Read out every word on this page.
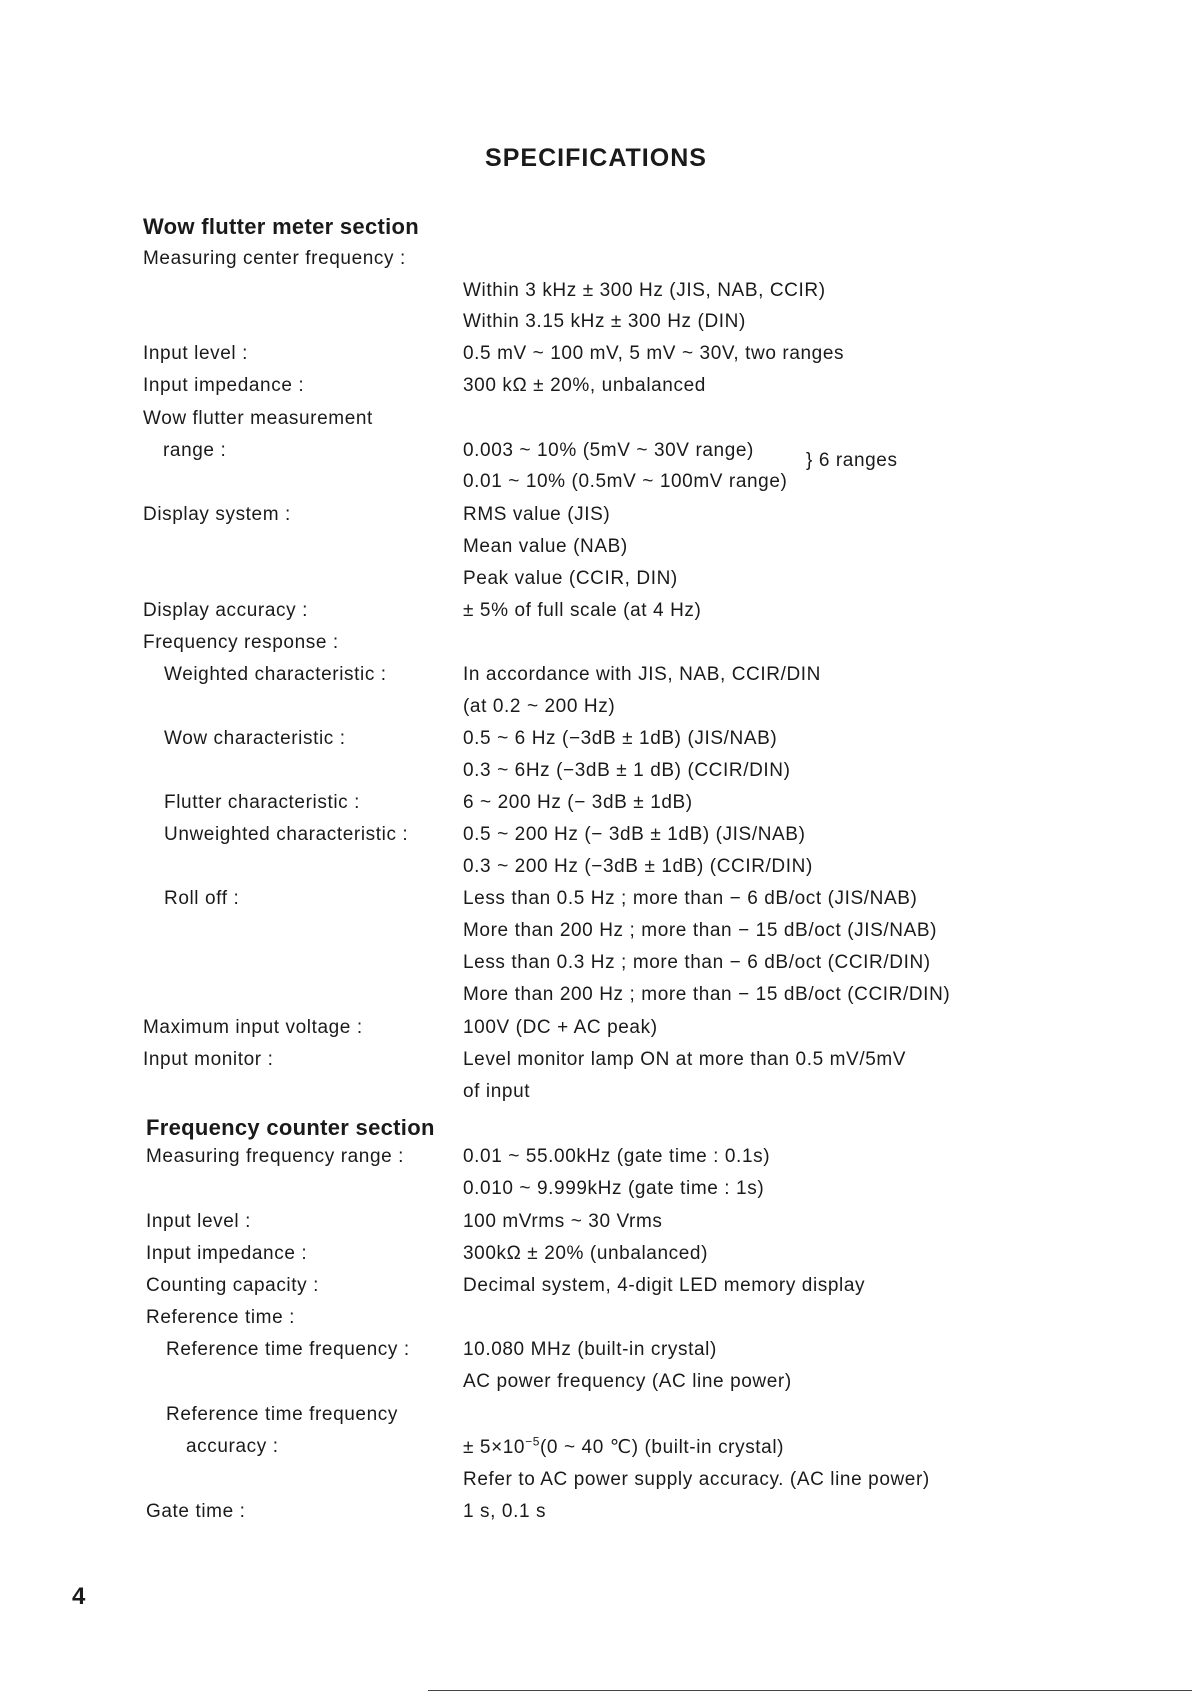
SPECIFICATIONS
Wow flutter meter section
Measuring center frequency :
Within 3 kHz ± 300 Hz (JIS, NAB, CCIR)
Within 3.15 kHz ± 300 Hz (DIN)
Input level :	0.5 mV ~ 100 mV, 5 mV ~ 30V, two ranges
Input impedance :	300 kΩ ± 20%, unbalanced
Wow flutter measurement
range :	0.003 ~ 10% (5mV ~ 30V range)
0.01 ~ 10% (0.5mV ~ 100mV range)
} 6 ranges
Display system :	RMS value (JIS)
Mean value (NAB)
Peak value (CCIR, DIN)
Display accuracy :	± 5% of full scale (at 4 Hz)
Frequency response :
Weighted characteristic :	In accordance with JIS, NAB, CCIR/DIN
(at 0.2 ~ 200 Hz)
Wow characteristic :	0.5 ~ 6 Hz (−3dB ± 1dB) (JIS/NAB)
0.3 ~ 6Hz (−3dB ± 1 dB) (CCIR/DIN)
Flutter characteristic :	6 ~ 200 Hz (− 3dB ± 1dB)
Unweighted characteristic :	0.5 ~ 200 Hz (− 3dB ± 1dB) (JIS/NAB)
0.3 ~ 200 Hz (−3dB ± 1dB) (CCIR/DIN)
Roll off :	Less than 0.5 Hz ; more than − 6 dB/oct (JIS/NAB)
More than 200 Hz ; more than − 15 dB/oct (JIS/NAB)
Less than 0.3 Hz ; more than − 6 dB/oct (CCIR/DIN)
More than 200 Hz ; more than − 15 dB/oct (CCIR/DIN)
Maximum input voltage :	100V (DC + AC peak)
Input monitor :	Level monitor lamp ON at more than 0.5 mV/5mV
of input
Frequency counter section
Measuring frequency range :	0.01 ~ 55.00kHz (gate time : 0.1s)
0.010 ~ 9.999kHz (gate time : 1s)
Input level :	100 mVrms ~ 30 Vrms
Input impedance :	300kΩ ± 20% (unbalanced)
Counting capacity :	Decimal system, 4-digit LED memory display
Reference time :
Reference time frequency :	10.080 MHz (built-in crystal)
AC power frequency (AC line power)
Reference time frequency
accuracy :	± $5\times 10^{-5}(0$ ~ 40 ℃) (built-in crystal)
Refer to AC power supply accuracy. (AC line power)
Gate time :	1 s, 0.1 s
4
